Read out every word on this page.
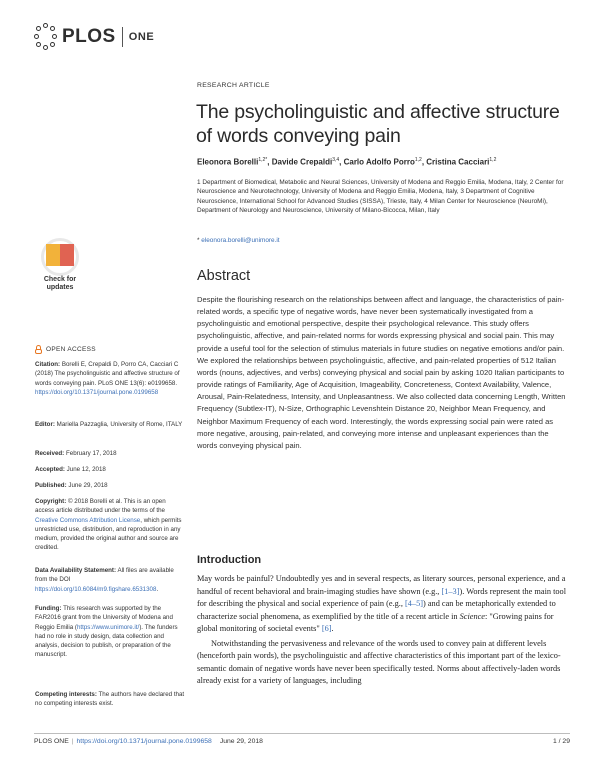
PLOS ONE
RESEARCH ARTICLE
The psycholinguistic and affective structure of words conveying pain
Eleonora Borelli$^{1,2*}$, Davide Crepaldi$^{3,4}$, Carlo Adolfo Porro$^{1,2}$, Cristina Cacciari$^{1,2}$
1 Department of Biomedical, Metabolic and Neural Sciences, University of Modena and Reggio Emilia, Modena, Italy, 2 Center for Neuroscience and Neurotechnology, University of Modena and Reggio Emilia, Modena, Italy, 3 Department of Cognitive Neuroscience, International School for Advanced Studies (SISSA), Trieste, Italy, 4 Milan Center for Neuroscience (NeuroMi), Department of Neurology and Neuroscience, University of Milano-Bicocca, Milan, Italy
* eleonora.borelli@unimore.it
Check for
updates
OPEN ACCESS
Citation: Borelli E, Crepaldi D, Porro CA, Cacciari C (2018) The psycholinguistic and affective structure of words conveying pain. PLoS ONE 13(6): e0199658. https://doi.org/10.1371/journal.pone.0199658
Editor: Mariella Pazzaglia, University of Rome, ITALY
Received: February 17, 2018
Accepted: June 12, 2018
Published: June 29, 2018
Copyright: © 2018 Borelli et al. This is an open access article distributed under the terms of the Creative Commons Attribution License, which permits unrestricted use, distribution, and reproduction in any medium, provided the original author and source are credited.
Data Availability Statement: All files are available from the DOI https://doi.org/10.6084/m9.figshare.6531308.
Funding: This research was supported by the FAR2016 grant from the University of Modena and Reggio Emilia (https://www.unimore.it/). The funders had no role in study design, data collection and analysis, decision to publish, or preparation of the manuscript.
Competing interests: The authors have declared that no competing interests exist.
Abstract

Despite the flourishing research on the relationships between affect and language, the characteristics of pain-related words, a specific type of negative words, have never been systematically investigated from a psycholinguistic and emotional perspective, despite their psychological relevance. This study offers psycholinguistic, affective, and pain-related norms for words expressing physical and social pain. This may provide a useful tool for the selection of stimulus materials in future studies on negative emotions and/or pain. We explored the relationships between psycholinguistic, affective, and pain-related properties of 512 Italian words (nouns, adjectives, and verbs) conveying physical and social pain by asking 1020 Italian participants to provide ratings of Familiarity, Age of Acquisition, Imageability, Concreteness, Context Availability, Valence, Arousal, Pain-Relatedness, Intensity, and Unpleasantness. We also collected data concerning Length, Written Frequency (Subtlex-IT), N-Size, Orthographic Levenshtein Distance 20, Neighbor Mean Frequency, and Neighbor Maximum Frequency of each word. Interestingly, the words expressing social pain were rated as more negative, arousing, pain-related, and conveying more intense and unpleasant experiences than the words conveying physical pain.

Introduction

May words be painful? Undoubtedly yes and in several respects, as literary sources, personal experience, and a handful of recent behavioral and brain-imaging studies have shown (e.g., [1–3]). Words represent the main tool for describing the physical and social experience of pain (e.g., [4–5]) and can be metaphorically extended to characterize social phenomena, as exemplified by the title of a recent article in Science: "Growing pains for global monitoring of societal events" [6].

Notwithstanding the pervasiveness and relevance of the words used to convey pain at different levels (henceforth pain words), the psycholinguistic and affective characteristics of this important part of the lexico-semantic domain of negative words have never been specifically tested. Norms about affectively-laden words already exist for a variety of languages, including

PLOS ONE | https://doi.org/10.1371/journal.pone.0199658 June 29, 2018	1 / 29
